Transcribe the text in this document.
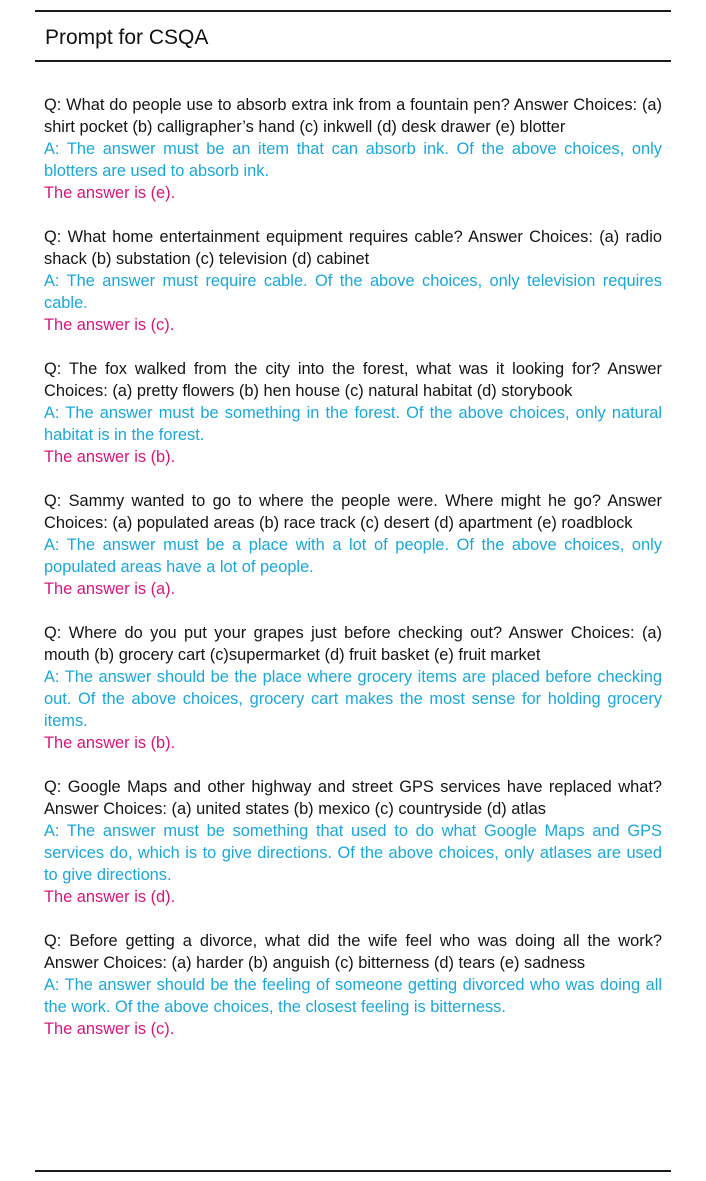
Prompt for CSQA

Q: What do people use to absorb extra ink from a fountain pen? Answer Choices: (a) shirt pocket (b) calligrapher’s hand (c) inkwell (d) desk drawer (e) blotter

A: The answer must be an item that can absorb ink. Of the above choices, only blotters are used to absorb ink.

The answer is (e).

Q: What home entertainment equipment requires cable? Answer Choices: (a) radio shack (b) substation (c) television (d) cabinet

A: The answer must require cable. Of the above choices, only television requires cable.

The answer is (c).

Q: The fox walked from the city into the forest, what was it looking for? Answer Choices: (a) pretty flowers (b) hen house (c) natural habitat (d) storybook

A: The answer must be something in the forest. Of the above choices, only natural habitat is in the forest.

The answer is (b).

Q: Sammy wanted to go to where the people were. Where might he go? Answer Choices: (a) populated areas (b) race track (c) desert (d) apartment (e) roadblock

A: The answer must be a place with a lot of people. Of the above choices, only populated areas have a lot of people.

The answer is (a).

Q: Where do you put your grapes just before checking out? Answer Choices: (a) mouth (b) grocery cart (c)supermarket (d) fruit basket (e) fruit market

A: The answer should be the place where grocery items are placed before checking out. Of the above choices, grocery cart makes the most sense for holding grocery items.

The answer is (b).

Q: Google Maps and other highway and street GPS services have replaced what? Answer Choices: (a) united states (b) mexico (c) countryside (d) atlas

A: The answer must be something that used to do what Google Maps and GPS services do, which is to give directions. Of the above choices, only atlases are used to give directions.

The answer is (d).

Q: Before getting a divorce, what did the wife feel who was doing all the work? Answer Choices: (a) harder (b) anguish (c) bitterness (d) tears (e) sadness

A: The answer should be the feeling of someone getting divorced who was doing all the work. Of the above choices, the closest feeling is bitterness.

The answer is (c).
